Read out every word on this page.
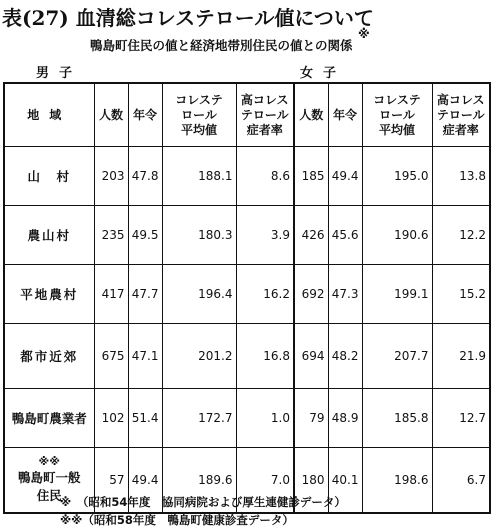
表(27) 血清総コレステロール値について
※
鴨島町住民の値と経済地帯別住民の値との関係
男子	女子
地域	人数	年令	コレステ
ロール
平均値	高コレス
テロール
症者率	人数	年令	コレステ
ロール
平均値	高コレス
テロール
症者率
山　村	203	47.8	188.1	8.6	185	49.4	195.0	13.8
農山村	235	49.5	180.3	3.9	426	45.6	190.6	12.2
平地農村	417	47.7	196.4	16.2	692	47.3	199.1	15.2
都市近郊	675	47.1	201.2	16.8	694	48.2	207.7	21.9
鴨島町農業者	102	51.4	172.7	1.0	79	48.9	185.8	12.7

※※
鴨島町一般
住民	57	49.4	189.6	7.0	180	40.1	198.6	6.7
※　（昭和54年度　協同病院および厚生連健診データ）
※※（昭和58年度　鴨島町健康診査データ）
